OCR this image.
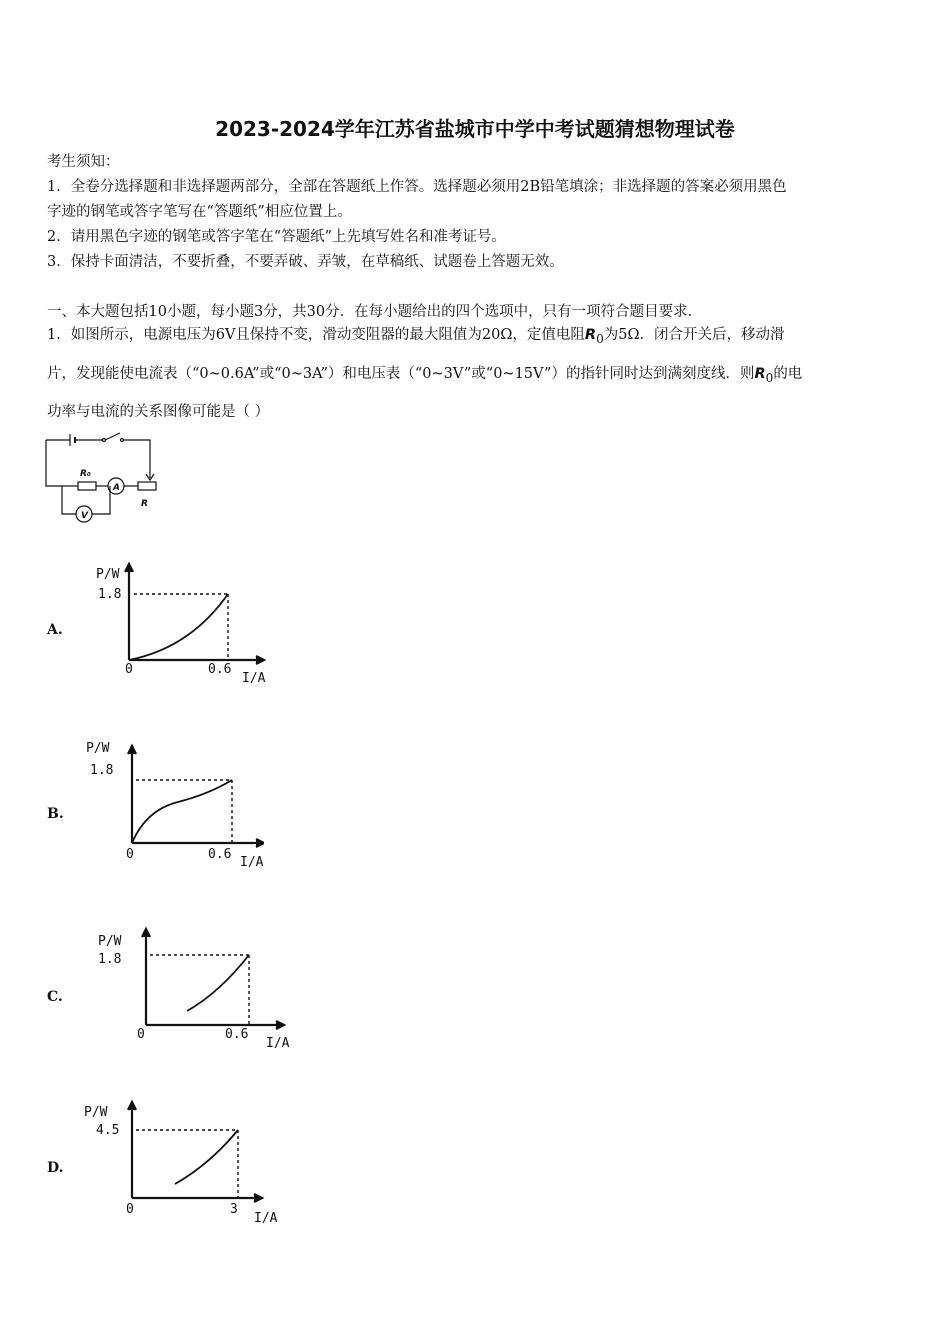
2023-2024学年江苏省盐城市中学中考试题猜想物理试卷
考生须知：
1．全卷分选择题和非选择题两部分，全部在答题纸上作答。选择题必须用2B铅笔填涂；非选择题的答案必须用黑色
字迹的钢笔或答字笔写在“答题纸”相应位置上。
2．请用黑色字迹的钢笔或答字笔在“答题纸”上先填写姓名和准考证号。
3．保持卡面清洁，不要折叠，不要弄破、弄皱，在草稿纸、试题卷上答题无效。
一、本大题包括10小题，每小题3分，共30分．在每小题给出的四个选项中，只有一项符合题目要求．
1．如图所示，电源电压为6V且保持不变，滑动变阻器的最大阻值为20Ω，定值电阻$R_0$为5Ω．闭合开关后，移动滑
片，发现能使电流表（“0~0.6A”或“0~3A”）和电压表（“0~3V”或“0~15V”）的指针同时达到满刻度线．则$R_0$的电
功率与电流的关系图像可能是（ ）
R₀
A
V
R
A.
P/W
1.8
0	0.6
I/A
B.
P/W
1.8
0	0.6
I/A
C.
P/W
1.8
0	0.6
I/A
D.
P/W
4.5
0	3
I/A
